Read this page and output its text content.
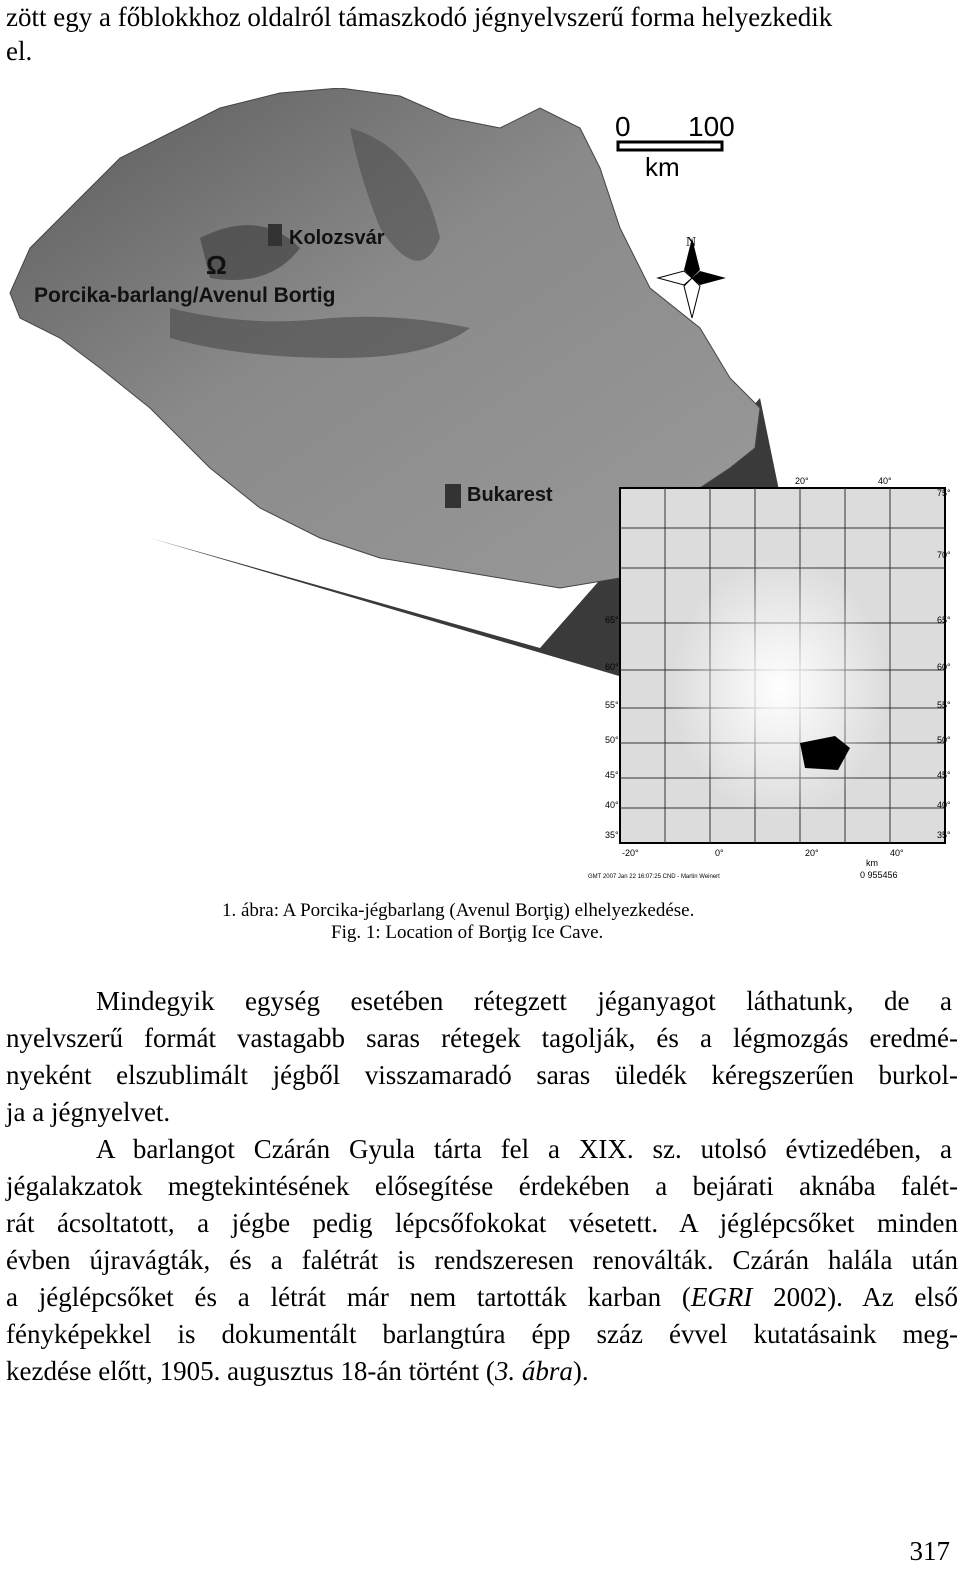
zött egy a főblokkhoz oldalról támaszkodó jégnyelvszerű forma helyezkedik
el.
0 100
km
N
Kolozsvár
Ω
Porcika-barlang/Avenul Bortig
Bukarest
20°	40°
75°
70°
65°
60°
55°
50°
45°
40°
35°
65°
60°
55°
50°
45°
40°
35°
-20°	0°	20°	40°
km
0 955456
GMT 2007 Jan 22 16:07:25 CND - Martin Weinert
1. ábra: A Porcika-jégbarlang (Avenul Borţig) elhelyezkedése.
Fig. 1: Location of Borţig Ice Cave.
Mindegyik egység esetében rétegzett jéganyagot láthatunk, de a
nyelvszerű formát vastagabb saras rétegek tagolják, és a légmozgás eredmé-
nyeként elszublimált jégből visszamaradó saras üledék kéregszerűen burkol-
ja a jégnyelvet.
A barlangot Czárán Gyula tárta fel a XIX. sz. utolsó évtizedében, a
jégalakzatok megtekintésének elősegítése érdekében a bejárati aknába falét-
rát ácsoltatott, a jégbe pedig lépcsőfokokat vésetett. A jéglépcsőket minden
évben újravágták, és a falétrát is rendszeresen renoválták. Czárán halála után
a jéglépcsőket és a létrát már nem tartották karban (EGRI 2002). Az első
fényképekkel is dokumentált barlangtúra épp száz évvel kutatásaink meg-
kezdése előtt, 1905. augusztus 18-án történt (3. ábra).
317
